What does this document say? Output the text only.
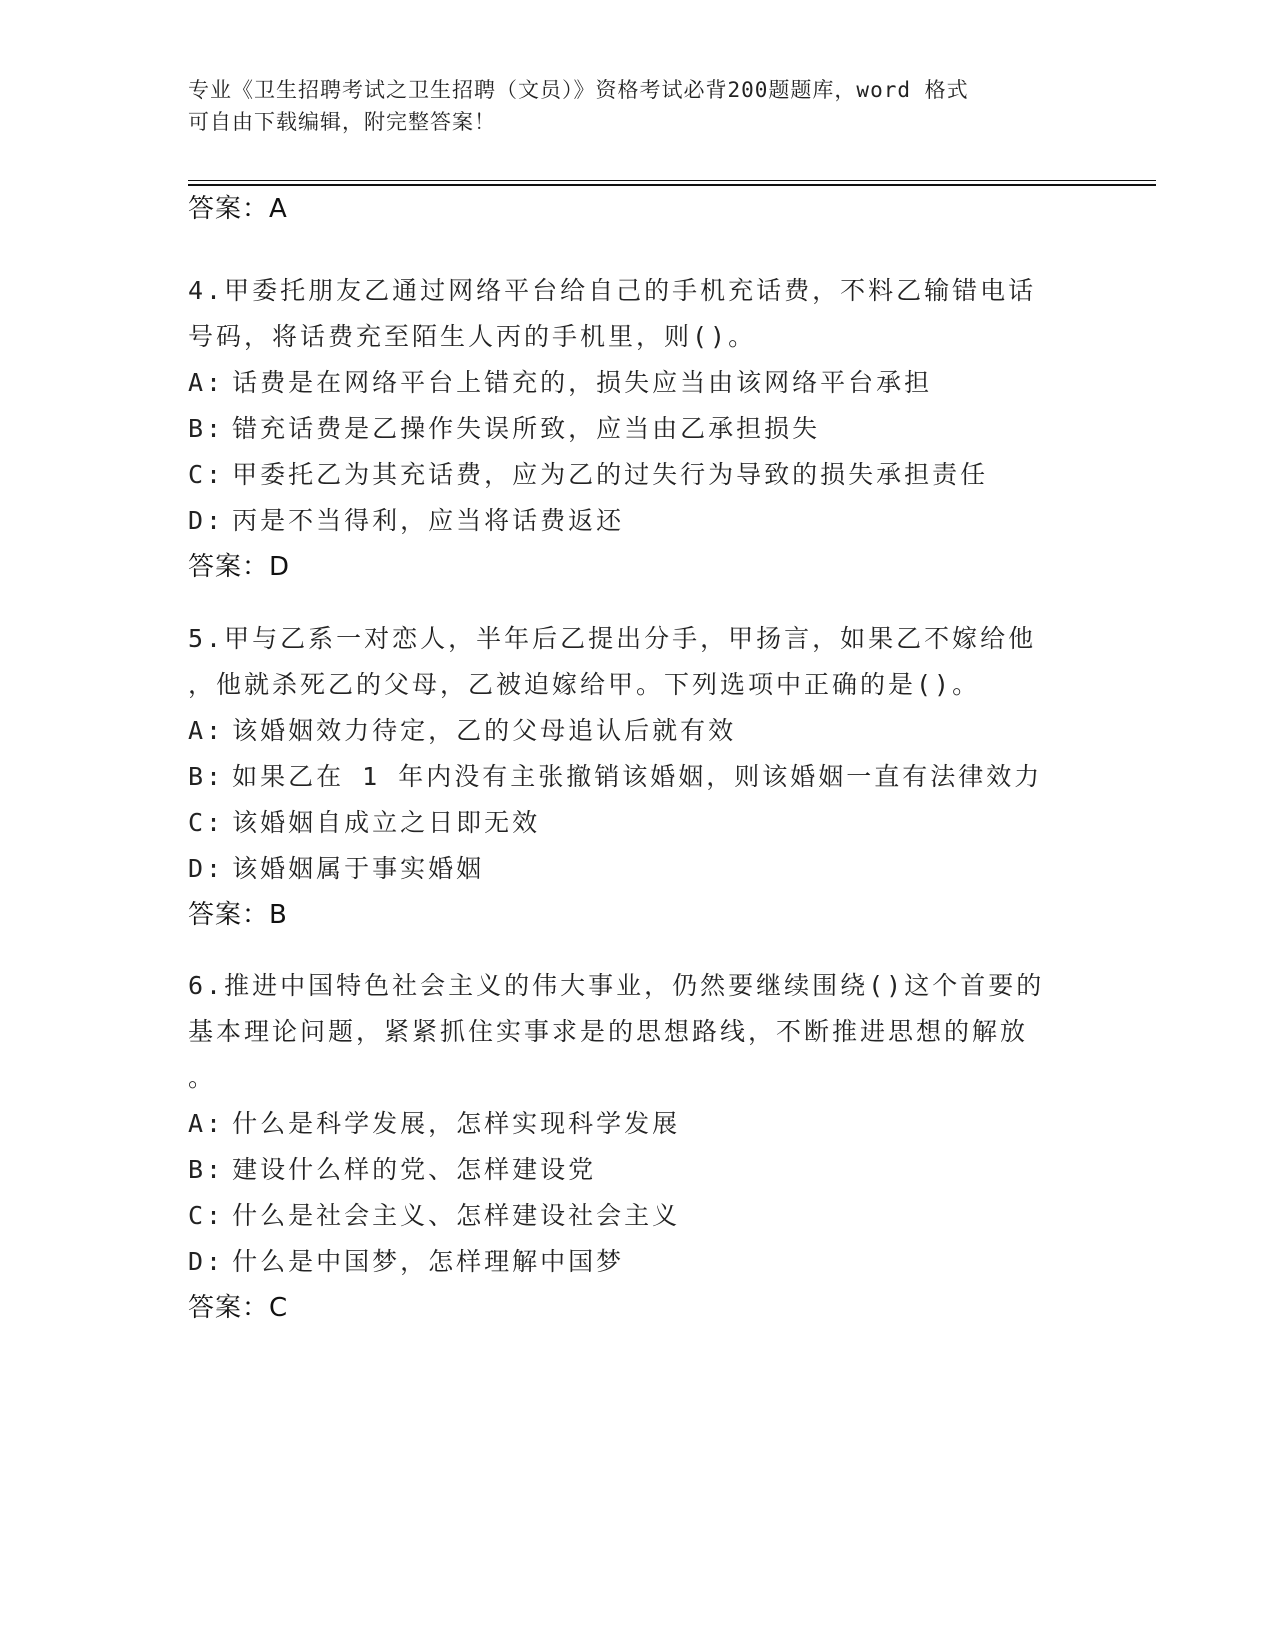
专业《卫生招聘考试之卫生招聘（文员）》资格考试必背200题题库，word 格式
可自由下载编辑，附完整答案！
答案：A
4.甲委托朋友乙通过网络平台给自己的手机充话费，不料乙输错电话
号码，将话费充至陌生人丙的手机里，则()。
A: 话费是在网络平台上错充的，损失应当由该网络平台承担
B: 错充话费是乙操作失误所致，应当由乙承担损失
C: 甲委托乙为其充话费，应为乙的过失行为导致的损失承担责任
D: 丙是不当得利，应当将话费返还
答案：D
5.甲与乙系一对恋人，半年后乙提出分手，甲扬言，如果乙不嫁给他
，他就杀死乙的父母，乙被迫嫁给甲。下列选项中正确的是()。
A: 该婚姻效力待定，乙的父母追认后就有效
B: 如果乙在 1 年内没有主张撤销该婚姻，则该婚姻一直有法律效力
C: 该婚姻自成立之日即无效
D: 该婚姻属于事实婚姻
答案：B
6.推进中国特色社会主义的伟大事业，仍然要继续围绕()这个首要的
基本理论问题，紧紧抓住实事求是的思想路线，不断推进思想的解放
。
A: 什么是科学发展，怎样实现科学发展
B: 建设什么样的党、怎样建设党
C: 什么是社会主义、怎样建设社会主义
D: 什么是中国梦，怎样理解中国梦
答案：C
